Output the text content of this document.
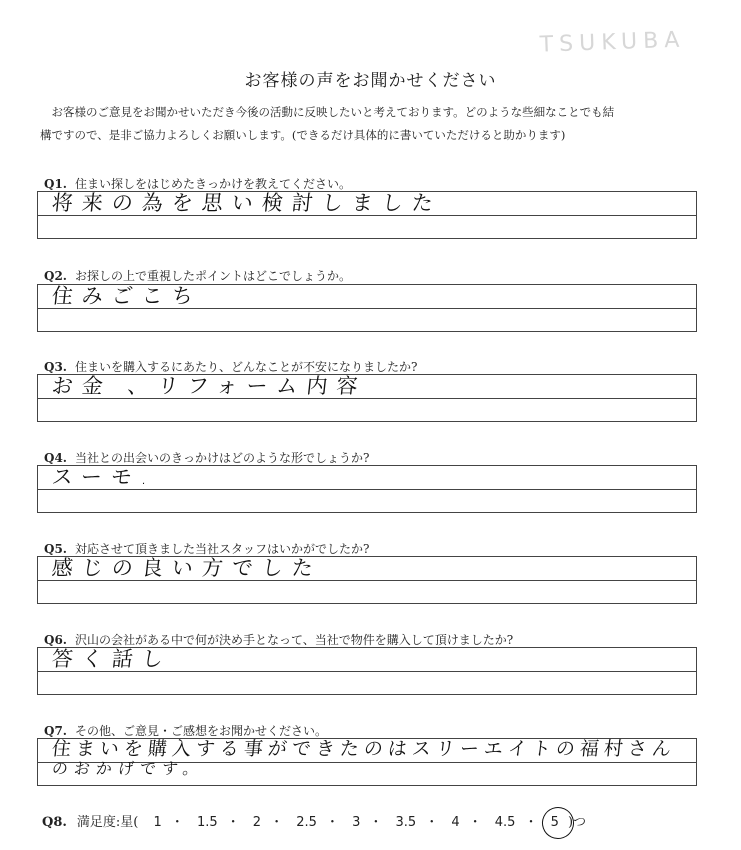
TSUKUBA
お客様の声をお聞かせください

お客様のご意見をお聞かせいただき今後の活動に反映したいと考えております。どのような些細なことでも結

構ですので、是非ご協力よろしくお願いします。(できるだけ具体的に書いていただけると助かります)

Q1. 住まい探しをはじめたきっかけを教えてください。
将来の為を思い検討しました
Q2. お探しの上で重視したポイントはどこでしょうか。
住みごこち
Q3. 住まいを購入するにあたり、どんなことが不安になりましたか?
お金 、リフォーム内容
Q4. 当社との出会いのきっかけはどのような形でしょうか?
スーモ.
Q5. 対応させて頂きました当社スタッフはいかがでしたか?
感じの良い方でした
Q6. 沢山の会社がある中で何が決め手となって、当社で物件を購入して頂けましたか?
答く話し
Q7. その他、ご意見・ご感想をお聞かせください。
住まいを購入する事ができたのはスリーエイトの福村さん
のおかげです。
Q8. 満足度:星( 1 ・ 1.5 ・ 2 ・ 2.5 ・ 3 ・ 3.5 ・ 4 ・ 4.5 ・ 5 )つ
